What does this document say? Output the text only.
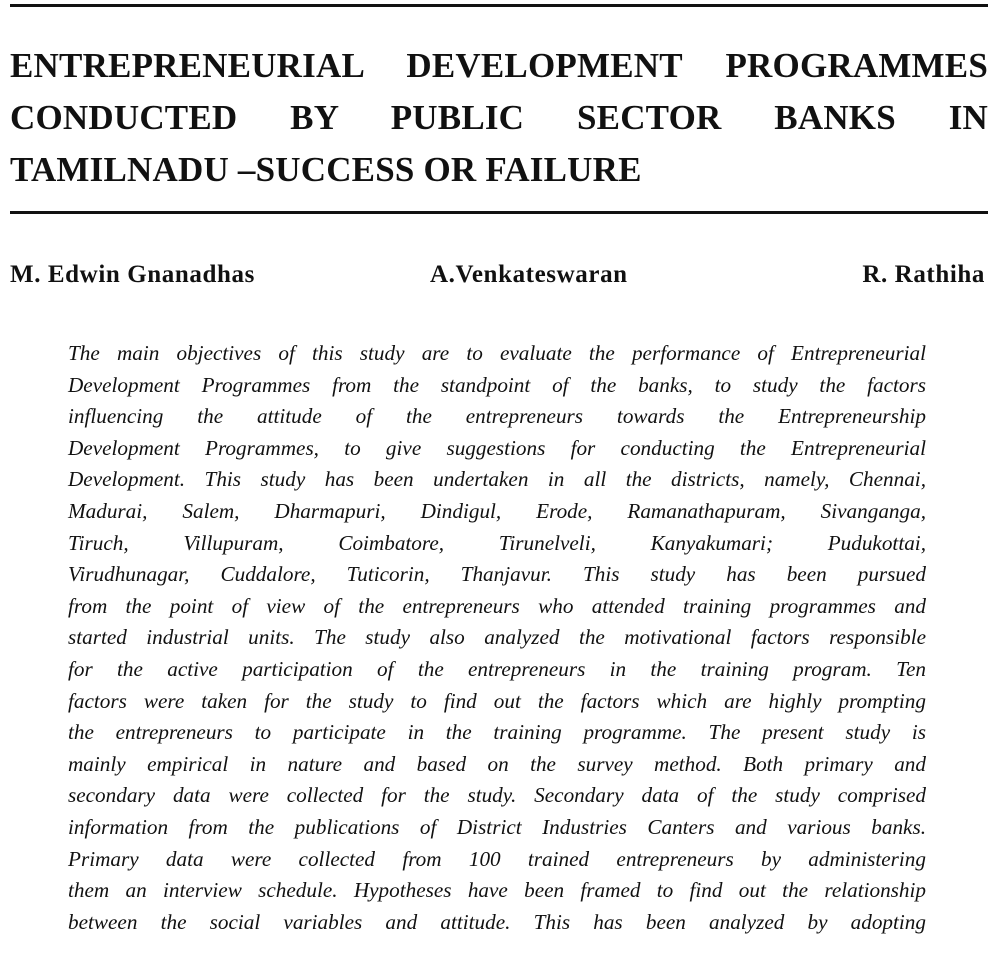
ENTREPRENEURIAL DEVELOPMENT PROGRAMMES
CONDUCTED BY PUBLIC SECTOR BANKS IN
TAMILNADU –SUCCESS OR FAILURE
M. Edwin Gnanadhas	A.Venkateswaran	R. Rathiha
The main objectives of this study are to evaluate the performance of Entrepreneurial
Development Programmes from the standpoint of the banks, to study the factors
influencing the attitude of the entrepreneurs towards the Entrepreneurship
Development Programmes, to give suggestions for conducting the Entrepreneurial
Development. This study has been undertaken in all the districts, namely, Chennai,
Madurai, Salem, Dharmapuri, Dindigul, Erode, Ramanathapuram, Sivanganga,
Tiruch, Villupuram, Coimbatore, Tirunelveli, Kanyakumari; Pudukottai,
Virudhunagar, Cuddalore, Tuticorin, Thanjavur. This study has been pursued
from the point of view of the entrepreneurs who attended training programmes and
started industrial units. The study also analyzed the motivational factors responsible
for the active participation of the entrepreneurs in the training program. Ten
factors were taken for the study to find out the factors which are highly prompting
the entrepreneurs to participate in the training programme. The present study is
mainly empirical in nature and based on the survey method. Both primary and
secondary data were collected for the study. Secondary data of the study comprised
information from the publications of District Industries Canters and various banks.
Primary data were collected from 100 trained entrepreneurs by administering
them an interview schedule. Hypotheses have been framed to find out the relationship
between the social variables and attitude. This has been analyzed by adopting
